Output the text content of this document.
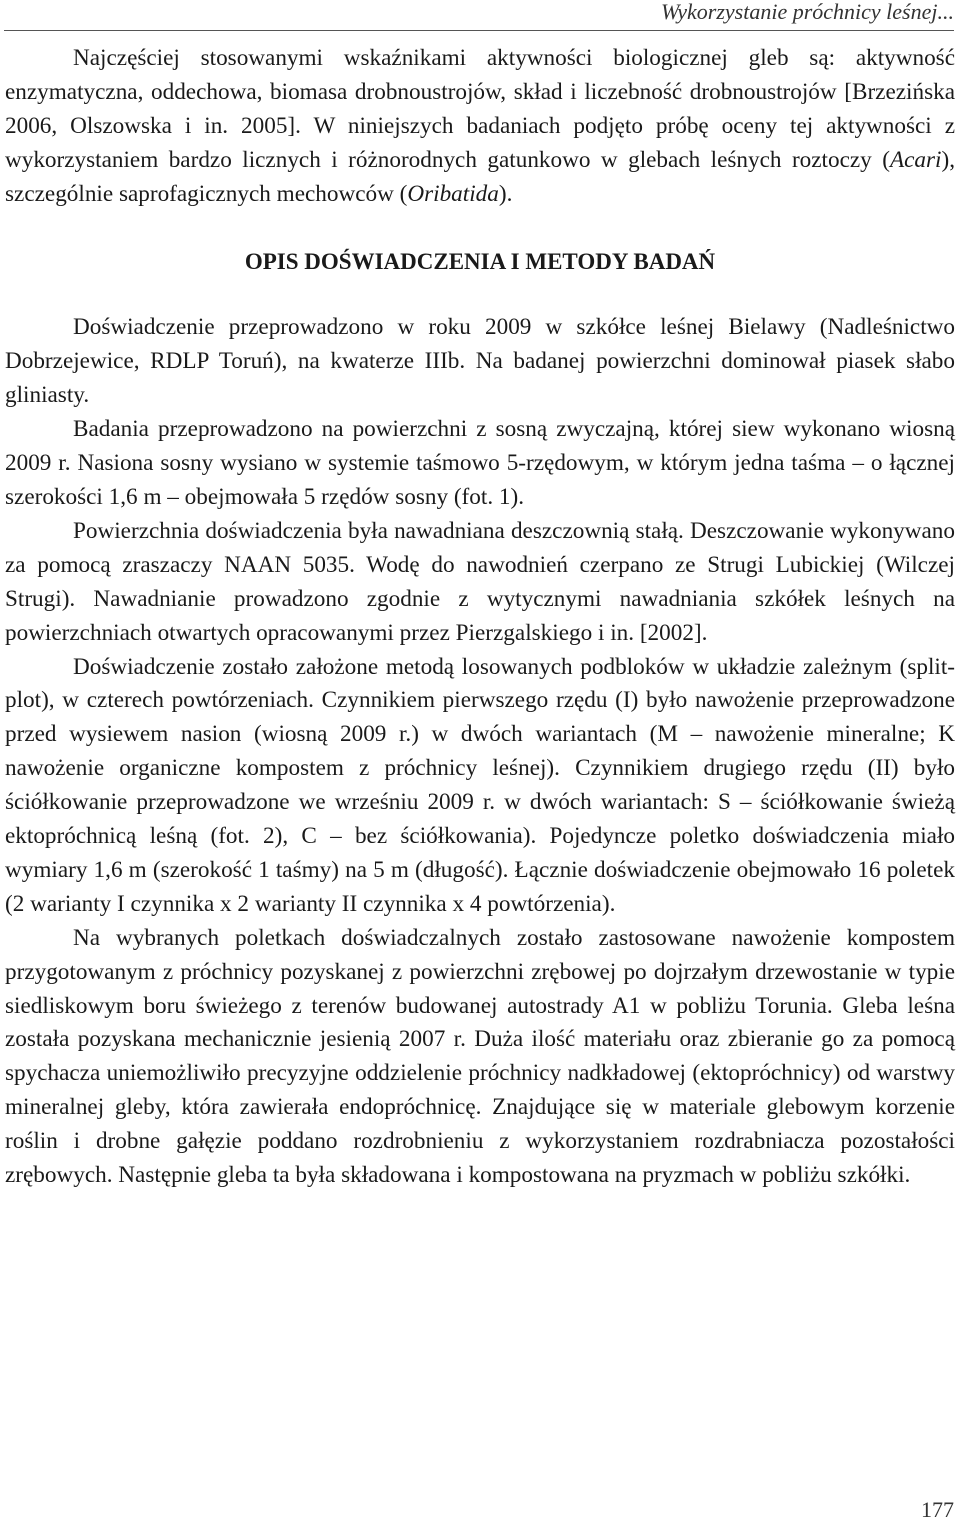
Wykorzystanie próchnicy leśnej...

Najczęściej stosowanymi wskaźnikami aktywności biologicznej gleb są: aktywność enzymatyczna, oddechowa, biomasa drobnoustrojów, skład i liczebność drobnoustrojów [Brzezińska 2006, Olszowska i in. 2005]. W niniejszych badaniach podjęto próbę oceny tej aktywności z wykorzystaniem bardzo licznych i różnorodnych gatunkowo w glebach leśnych roztoczy (Acari), szczególnie saprofagicznych mechowców (Oribatida).

OPIS DOŚWIADCZENIA I METODY BADAŃ

Doświadczenie przeprowadzono w roku 2009 w szkółce leśnej Bielawy (Nadleśnictwo Dobrzejewice, RDLP Toruń), na kwaterze IIIb. Na badanej powierzchni dominował piasek słabo gliniasty.

Badania przeprowadzono na powierzchni z sosną zwyczajną, której siew wykonano wiosną 2009 r. Nasiona sosny wysiano w systemie taśmowo 5-rzędowym, w którym jedna taśma – o łącznej szerokości 1,6 m – obejmowała 5 rzędów sosny (fot. 1).

Powierzchnia doświadczenia była nawadniana deszczownią stałą. Deszczowanie wykonywano za pomocą zraszaczy NAAN 5035. Wodę do nawodnień czerpano ze Strugi Lubickiej (Wilczej Strugi). Nawadnianie prowadzono zgodnie z wytycznymi nawadniania szkółek leśnych na powierzchniach otwartych opracowanymi przez Pierzgalskiego i in. [2002].

Doświadczenie zostało założone metodą losowanych podbloków w układzie zależnym (split-plot), w czterech powtórzeniach. Czynnikiem pierwszego rzędu (I) było nawożenie przeprowadzone przed wysiewem nasion (wiosną 2009 r.) w dwóch wariantach (M – nawożenie mineralne; K nawożenie organiczne kompostem z próchnicy leśnej). Czynnikiem drugiego rzędu (II) było ściółkowanie przeprowadzone we wrześniu 2009 r. w dwóch wariantach: S – ściółkowanie świeżą ektopróchnicą leśną (fot. 2), C – bez ściółkowania). Pojedyncze poletko doświadczenia miało wymiary 1,6 m (szerokość 1 taśmy) na 5 m (długość). Łącznie doświadczenie obejmowało 16 poletek (2 warianty I czynnika x 2 warianty II czynnika x 4 powtórzenia).

Na wybranych poletkach doświadczalnych zostało zastosowane nawożenie kompostem przygotowanym z próchnicy pozyskanej z powierzchni zrębowej po dojrzałym drzewostanie w typie siedliskowym boru świeżego z terenów budowanej autostrady A1 w pobliżu Torunia. Gleba leśna została pozyskana mechanicznie jesienią 2007 r. Duża ilość materiału oraz zbieranie go za pomocą spychacza uniemożliwiło precyzyjne oddzielenie próchnicy nadkładowej (ektopróchnicy) od warstwy mineralnej gleby, która zawierała endopróchnicę. Znajdujące się w materiale glebowym korzenie roślin i drobne gałęzie poddano rozdrobnieniu z wykorzystaniem rozdrabniacza pozostałości zrębowych. Następnie gleba ta była składowana i kompostowana na pryzmach w pobliżu szkółki.

177
